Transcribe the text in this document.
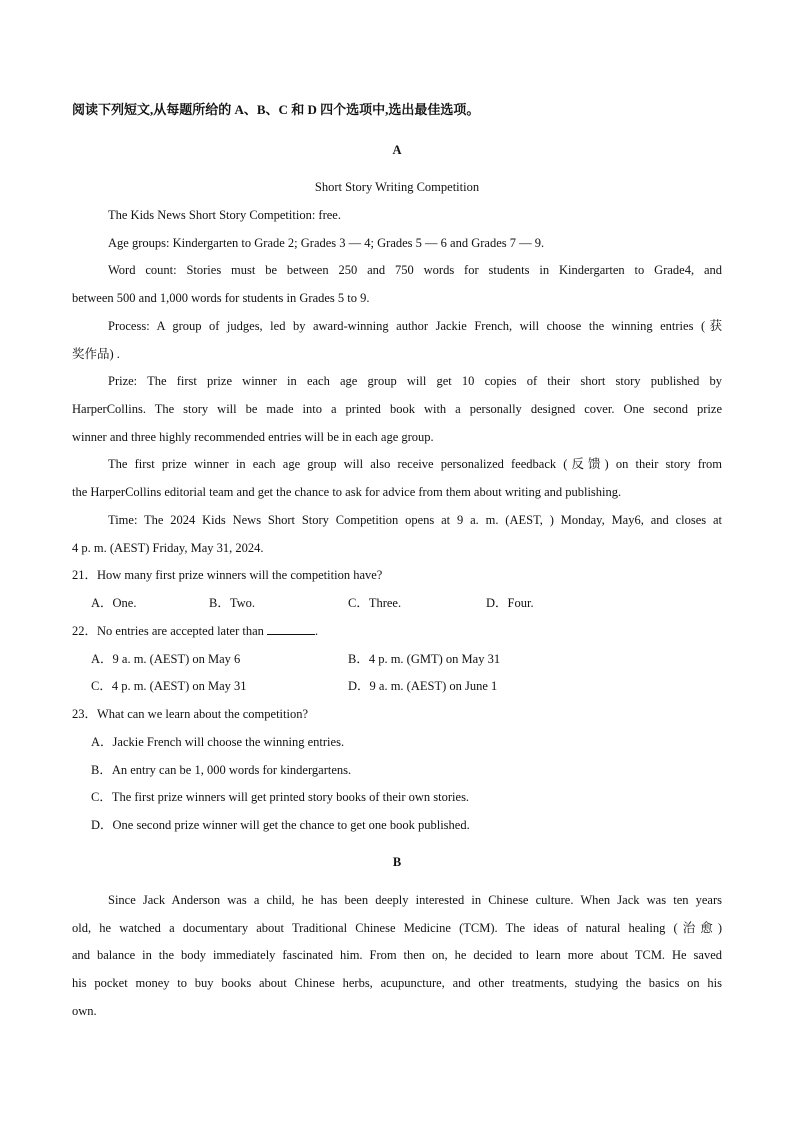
阅读下列短文,从每题所给的 A、B、C 和 D 四个选项中,选出最佳选项。
A
Short Story Writing Competition
The Kids News Short Story Competition: free.
Age groups: Kindergarten to Grade 2; Grades 3 — 4; Grades 5 — 6 and Grades 7 — 9.
Word count: Stories must be between 250 and 750 words for students in Kindergarten to Grade4, and
between 500 and 1,000 words for students in Grades 5 to 9.
Process: A group of judges, led by award-winning author Jackie French, will choose the winning entries (获
奖作品) .
Prize: The first prize winner in each age group will get 10 copies of their short story published by
HarperCollins. The story will be made into a printed book with a personally designed cover. One second prize
winner and three highly recommended entries will be in each age group.
The first prize winner in each age group will also receive personalized feedback (反馈) on their story from
the HarperCollins editorial team and get the chance to ask for advice from them about writing and publishing.
Time: The 2024 Kids News Short Story Competition opens at 9 a. m. (AEST, ) Monday, May6, and closes at
4 p. m. (AEST) Friday, May 31, 2024.
21．How many first prize winners will the competition have?
A．One.	B．Two.	C．Three.	D．Four.
22．No entries are accepted later than	.
A．9 a. m. (AEST) on May 6	B．4 p. m. (GMT) on May 31
C．4 p. m. (AEST) on May 31	D．9 a. m. (AEST) on June 1
23．What can we learn about the competition?
A．Jackie French will choose the winning entries.
B．An entry can be 1, 000 words for kindergartens.
C．The first prize winners will get printed story books of their own stories.
D．One second prize winner will get the chance to get one book published.
B
Since Jack Anderson was a child, he has been deeply interested in Chinese culture. When Jack was ten years
old, he watched a documentary about Traditional Chinese Medicine (TCM). The ideas of natural healing (治愈)
and balance in the body immediately fascinated him. From then on, he decided to learn more about TCM. He saved
his pocket money to buy books about Chinese herbs, acupuncture, and other treatments, studying the basics on his
own.
